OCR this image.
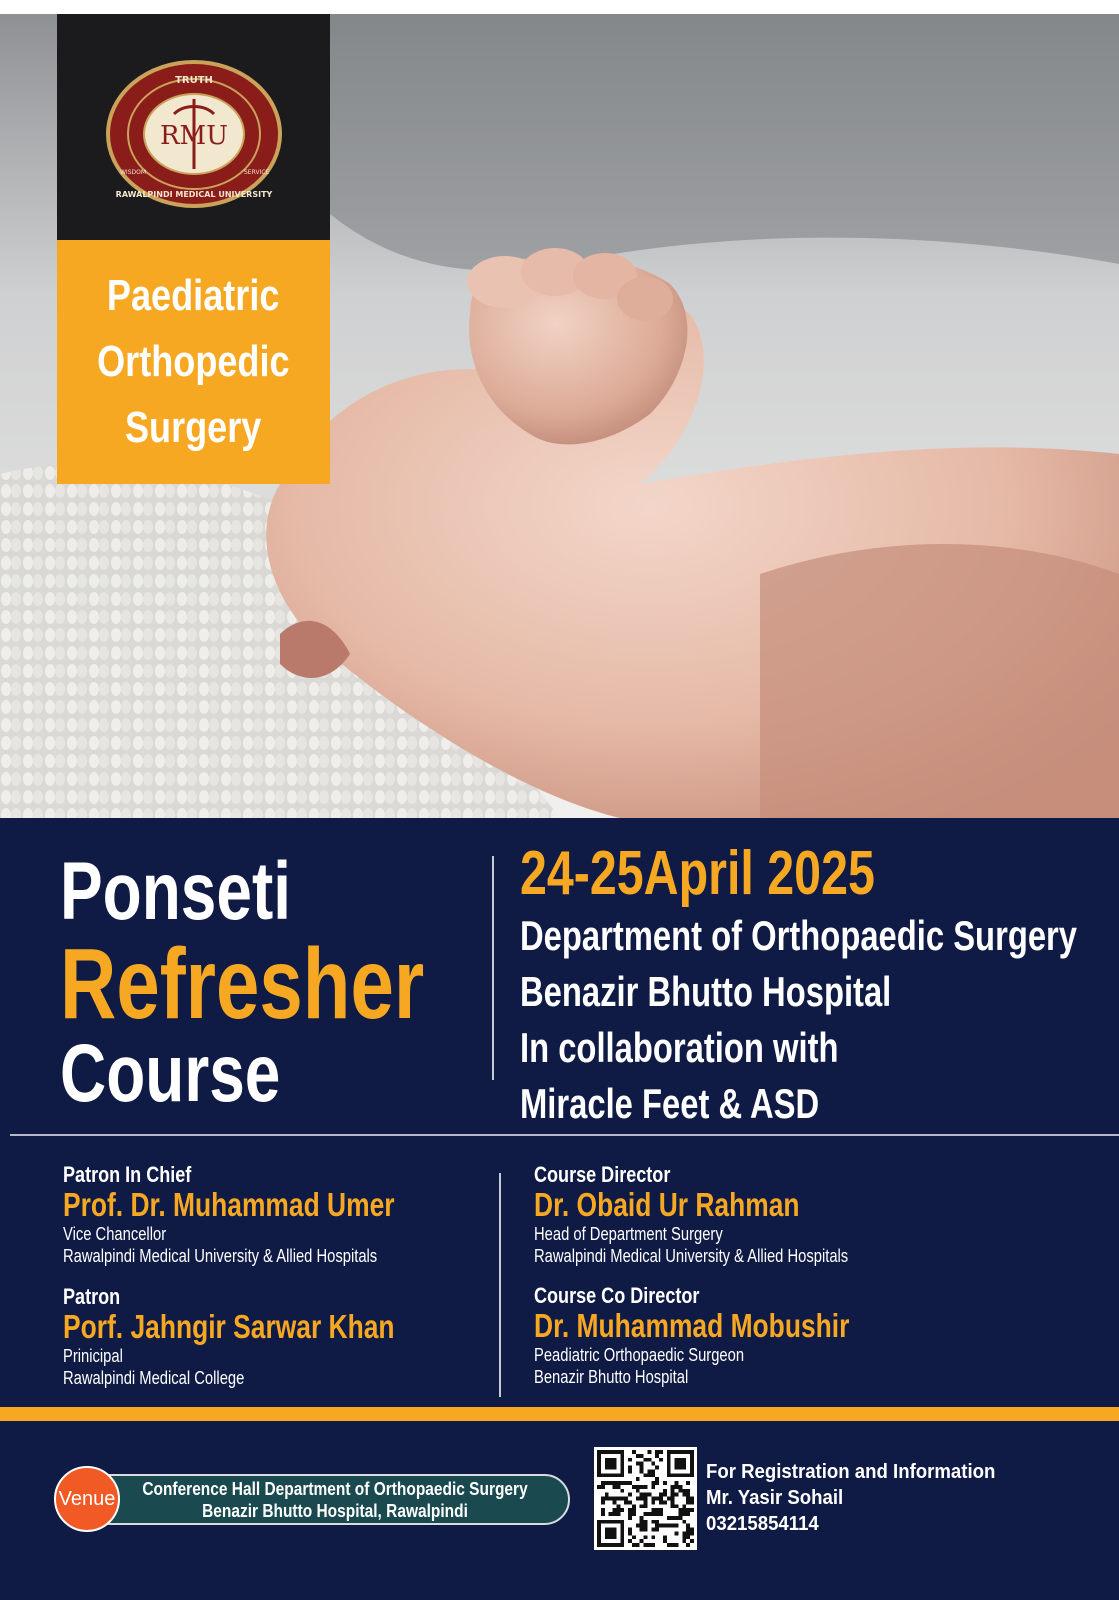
TRUTH
RMU
RAWALPINDI MEDICAL UNIVERSITY
WISDOM	SERVICE
Paediatric
Orthopedic
Surgery
Ponseti
Refresher
Course
24-25April 2025
Department of Orthopaedic Surgery
Benazir Bhutto Hospital
In collaboration with
Miracle Feet & ASD
Patron In Chief
Prof. Dr. Muhammad Umer
Vice Chancellor
Rawalpindi Medical University & Allied Hospitals
Patron
Porf. Jahngir Sarwar Khan
Prinicipal
Rawalpindi Medical College
Course Director
Dr. Obaid Ur Rahman
Head of Department Surgery
Rawalpindi Medical University & Allied Hospitals
Course Co Director
Dr. Muhammad Mobushir
Peadiatric Orthopaedic Surgeon
Benazir Bhutto Hospital
Conference Hall Department of Orthopaedic Surgery
Benazir Bhutto Hospital, Rawalpindi
Venue
For Registration and Information
Mr. Yasir Sohail
03215854114
